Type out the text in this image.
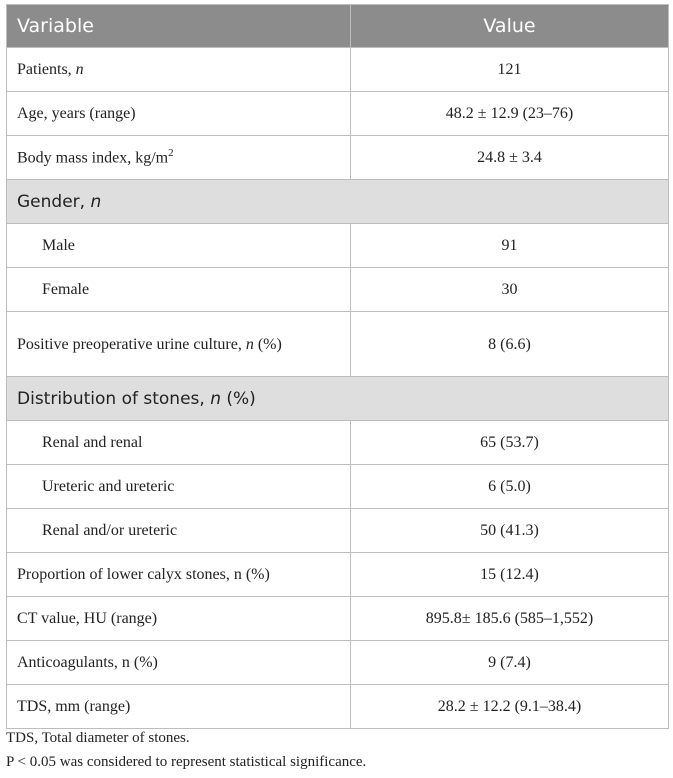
Variable	Value
Patients, n	121
Age, years (range)	48.2 ± 12.9 (23–76)
Body mass index, $kg/m^2$	24.8 ± 3.4
Gender, n	
Male	91
Female	30
Positive preoperative urine culture, n (%)	8 (6.6)
Distribution of stones, n (%)	
Renal and renal	65 (53.7)
Ureteric and ureteric	6 (5.0)
Renal and/or ureteric	50 (41.3)
Proportion of lower calyx stones, n (%)	15 (12.4)
CT value, HU (range)	895.8± 185.6 (585–1,552)
Anticoagulants, n (%)	9 (7.4)
TDS, mm (range)	28.2 ± 12.2 (9.1–38.4)
TDS, Total diameter of stones.
P < 0.05 was considered to represent statistical significance.
